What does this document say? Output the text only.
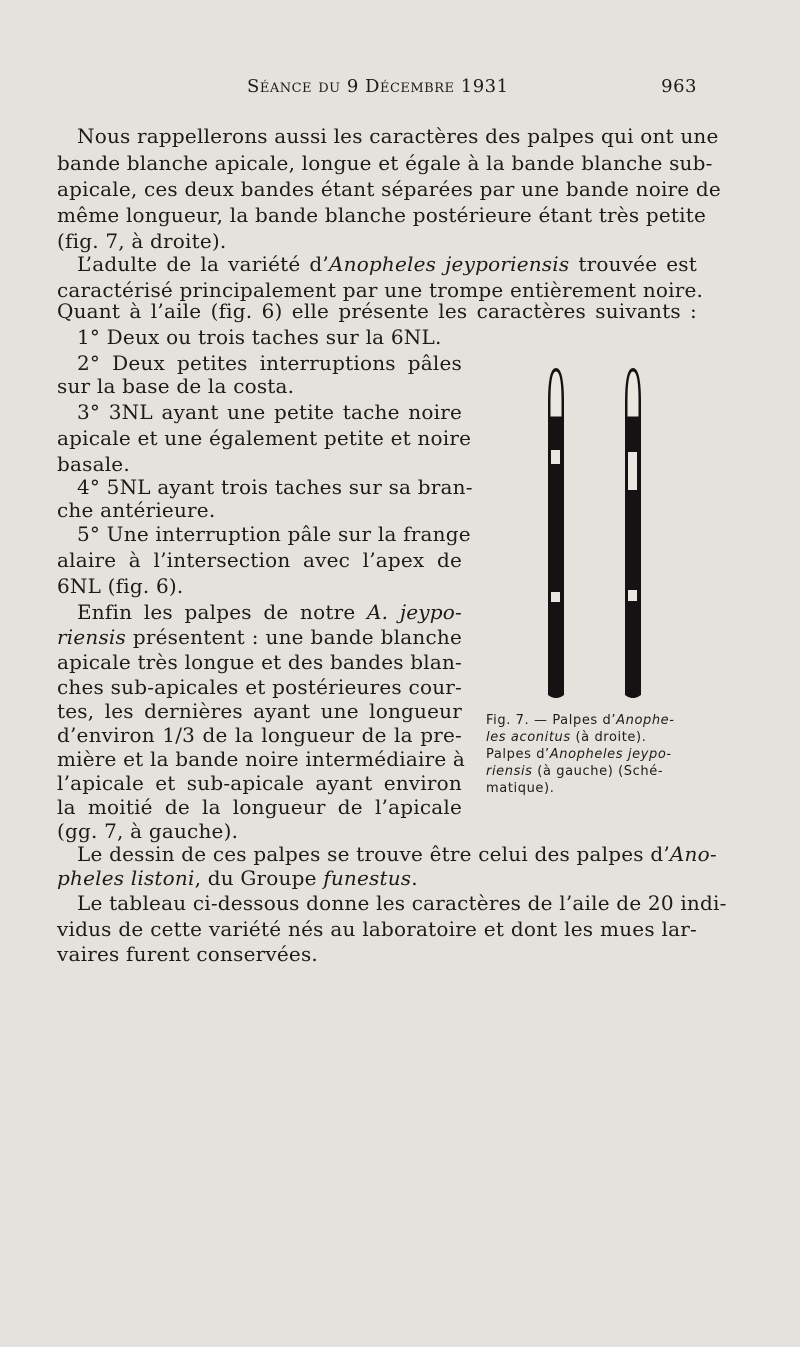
Séance du 9 Décembre 1931	963
Nous rappellerons aussi les caractères des palpes qui ont une
bande blanche apicale, longue et égale à la bande blanche sub-
apicale, ces deux bandes étant séparées par une bande noire de
même longueur, la bande blanche postérieure étant très petite
(fig. 7, à droite).
L’adulte de la variété d’Anopheles jeyporiensis trouvée est
caractérisé principalement par une trompe entièrement noire.
Quant à l’aile (fig. 6) elle présente les caractères suivants :
1° Deux ou trois taches sur la 6NL.
2° Deux petites interruptions pâles
sur la base de la costa.
3° 3NL ayant une petite tache noire
apicale et une également petite et noire
basale.
4° 5NL ayant trois taches sur sa bran-
che antérieure.
5° Une interruption pâle sur la frange
alaire à l’intersection avec l’apex de
6NL (fig. 6).
Enfin les palpes de notre A. jeypo-
riensis présentent : une bande blanche
apicale très longue et des bandes blan-
ches sub-apicales et postérieures cour-
tes, les dernières ayant une longueur
d’environ 1/3 de la longueur de la pre-
mière et la bande noire intermédiaire à
l’apicale et sub-apicale ayant environ
la moitié de la longueur de l’apicale
(gg. 7, à gauche).
Le dessin de ces palpes se trouve être celui des palpes d’Ano-
pheles listoni, du Groupe funestus.
Le tableau ci-dessous donne les caractères de l’aile de 20 indi-
vidus de cette variété nés au laboratoire et dont les mues lar-
vaires furent conservées.
Fig. 7. — Palpes d’Anophe-
les aconitus (à droite).
Palpes d’Anopheles jeypo-
riensis (à gauche) (Sché-
matique).
